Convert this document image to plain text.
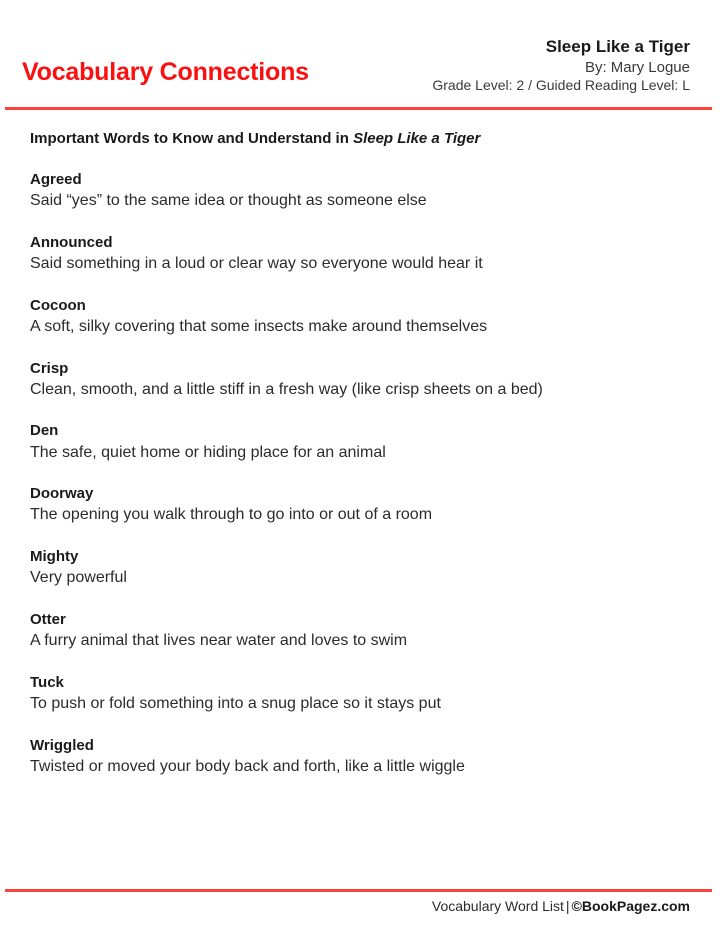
Vocabulary Connections
Sleep Like a Tiger
By: Mary Logue
Grade Level: 2 / Guided Reading Level: L
Important Words to Know and Understand in Sleep Like a Tiger
Agreed
Said “yes” to the same idea or thought as someone else
Announced
Said something in a loud or clear way so everyone would hear it
Cocoon
A soft, silky covering that some insects make around themselves
Crisp
Clean, smooth, and a little stiff in a fresh way (like crisp sheets on a bed)
Den
The safe, quiet home or hiding place for an animal
Doorway
The opening you walk through to go into or out of a room
Mighty
Very powerful
Otter
A furry animal that lives near water and loves to swim
Tuck
To push or fold something into a snug place so it stays put
Wriggled
Twisted or moved your body back and forth, like a little wiggle
Vocabulary Word List | ©BookPagez.com
